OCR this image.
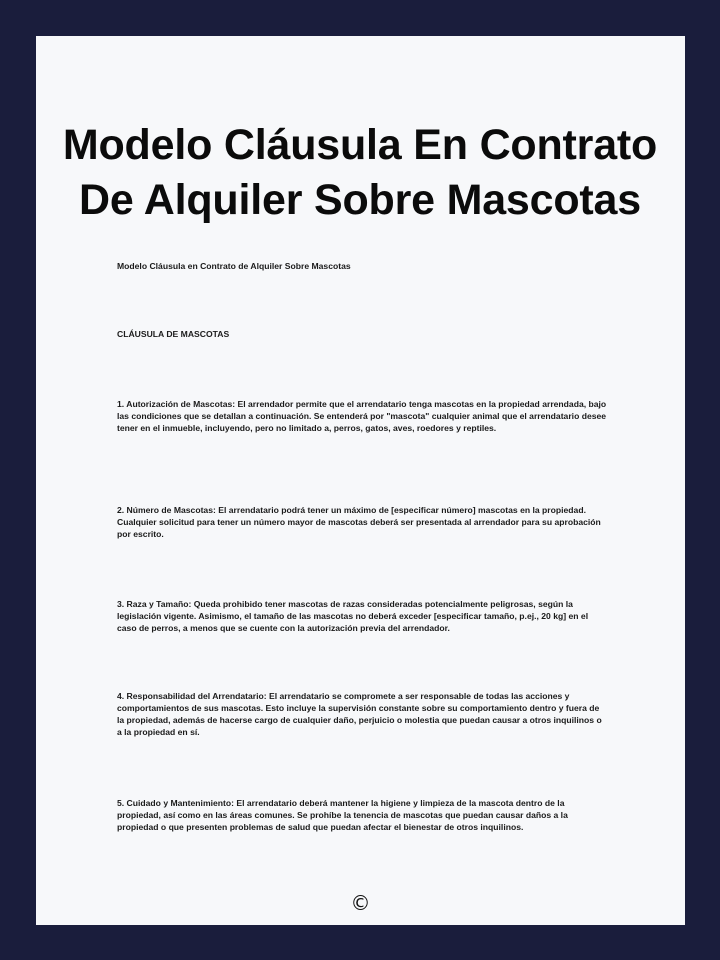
Modelo Cláusula En Contrato
De Alquiler Sobre Mascotas

Modelo Cláusula en Contrato de Alquiler Sobre Mascotas

CLÁUSULA DE MASCOTAS

1. Autorización de Mascotas: El arrendador permite que el arrendatario tenga mascotas en la propiedad arrendada, bajo las condiciones que se detallan a continuación. Se entenderá por "mascota" cualquier animal que el arrendatario desee tener en el inmueble, incluyendo, pero no limitado a, perros, gatos, aves, roedores y reptiles.

2. Número de Mascotas: El arrendatario podrá tener un máximo de [especificar número] mascotas en la propiedad. Cualquier solicitud para tener un número mayor de mascotas deberá ser presentada al arrendador para su aprobación por escrito.

3. Raza y Tamaño: Queda prohibido tener mascotas de razas consideradas potencialmente peligrosas, según la legislación vigente. Asimismo, el tamaño de las mascotas no deberá exceder [especificar tamaño, p.ej., 20 kg] en el caso de perros, a menos que se cuente con la autorización previa del arrendador.

4. Responsabilidad del Arrendatario: El arrendatario se compromete a ser responsable de todas las acciones y comportamientos de sus mascotas. Esto incluye la supervisión constante sobre su comportamiento dentro y fuera de la propiedad, además de hacerse cargo de cualquier daño, perjuicio o molestia que puedan causar a otros inquilinos o a la propiedad en sí.

5. Cuidado y Mantenimiento: El arrendatario deberá mantener la higiene y limpieza de la mascota dentro de la propiedad, así como en las áreas comunes. Se prohíbe la tenencia de mascotas que puedan causar daños a la propiedad o que presenten problemas de salud que puedan afectar el bienestar de otros inquilinos.

©
